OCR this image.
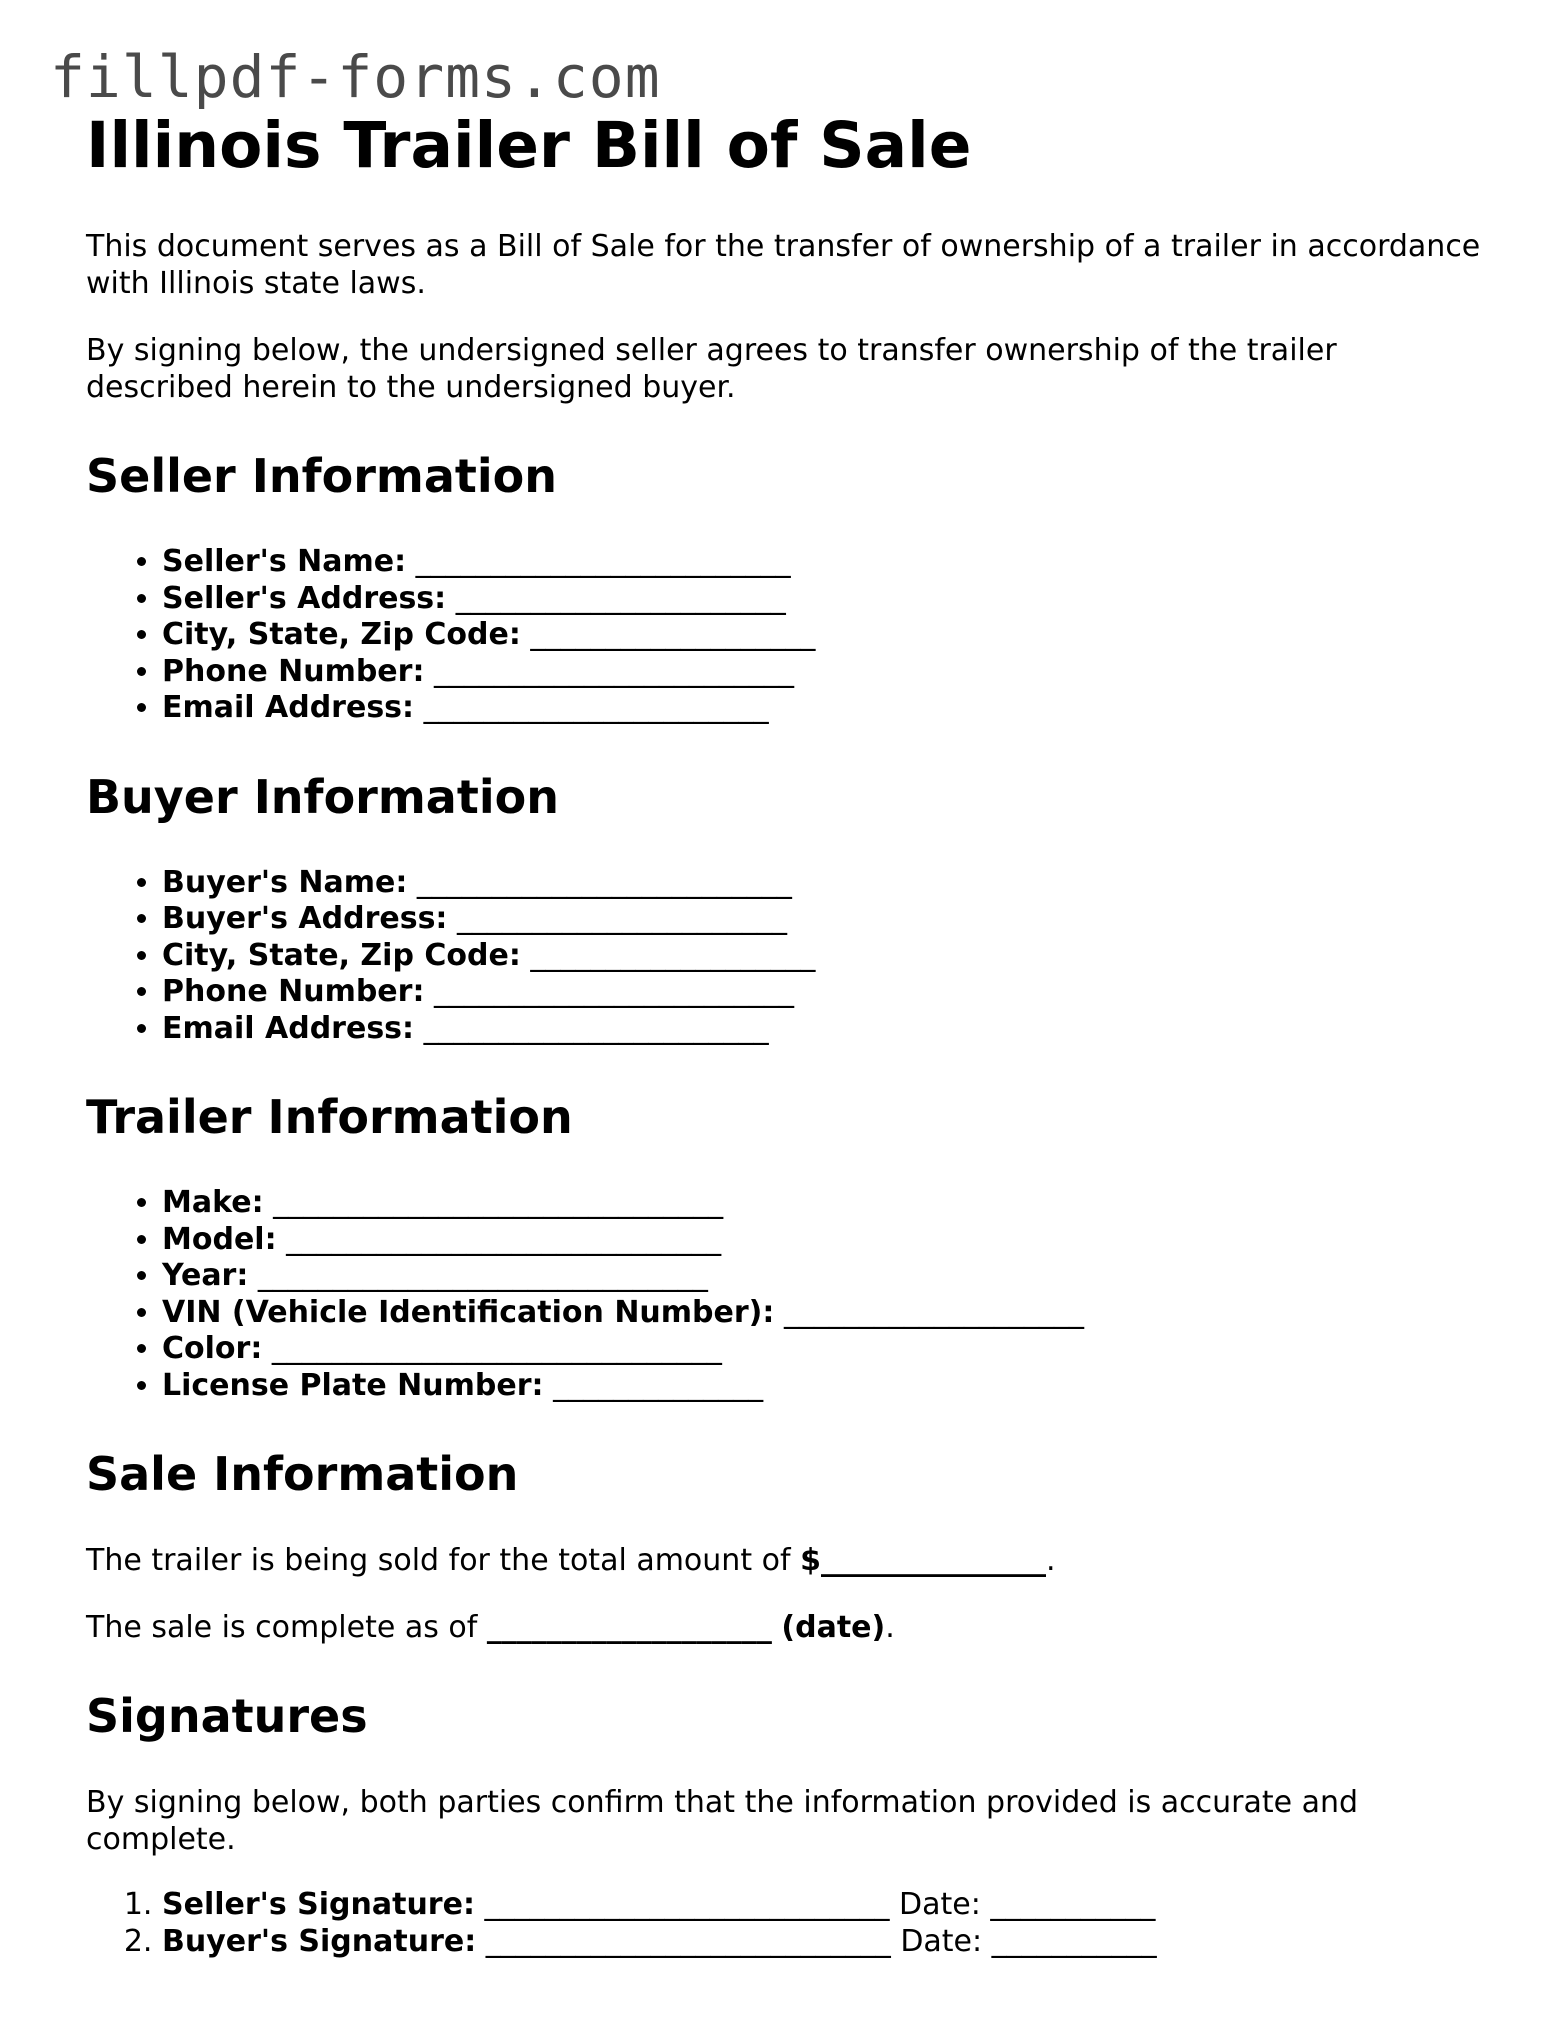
fillpdf-forms.com
Illinois Trailer Bill of Sale

This document serves as a Bill of Sale for the transfer of ownership of a trailer in accordance with Illinois state laws.

By signing below, the undersigned seller agrees to transfer ownership of the trailer described herein to the undersigned buyer.

Seller Information
• Seller's Name: _________________________
• Seller's Address: ______________________
• City, State, Zip Code: ___________________
• Phone Number: ________________________
• Email Address: _______________________
Buyer Information
• Buyer's Name: _________________________
• Buyer's Address: ______________________
• City, State, Zip Code: ___________________
• Phone Number: ________________________
• Email Address: _______________________
Trailer Information
• Make: ______________________________
• Model: _____________________________
• Year: ______________________________
• VIN (Vehicle Identification Number): ____________________
• Color: ______________________________
• License Plate Number: ______________
Sale Information

The trailer is being sold for the total amount of $_______________.

The sale is complete as of ___________________ (date).

Signatures

By signing below, both parties confirm that the information provided is accurate and complete.

1. Seller's Signature: ___________________________ Date: ___________
2. Buyer's Signature: ___________________________ Date: ___________
